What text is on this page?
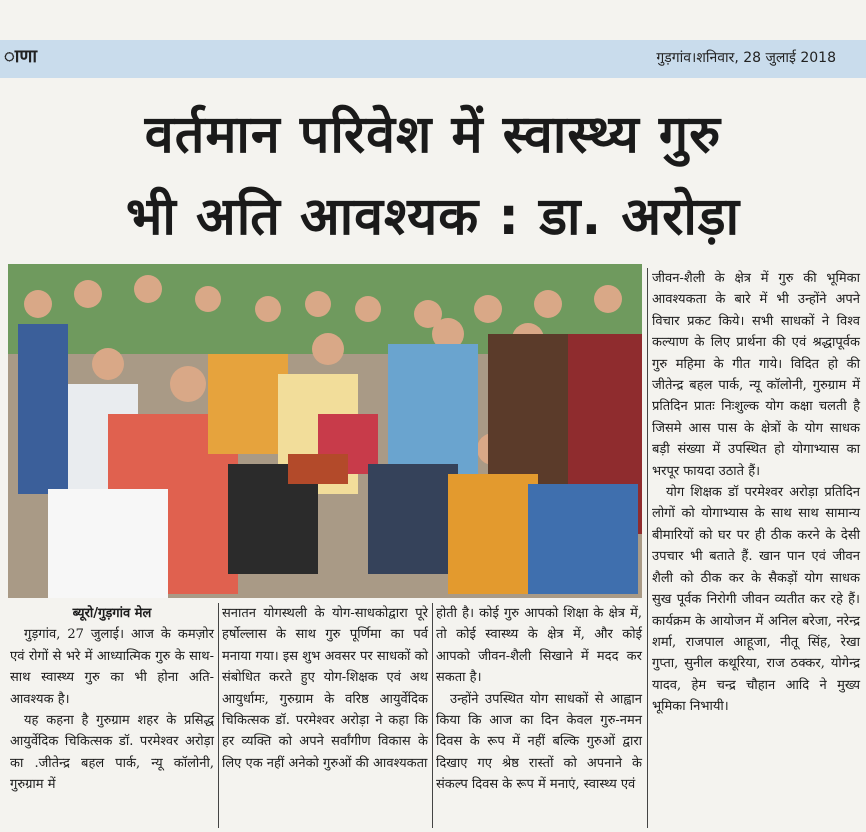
ाणा	गुड़गांव।शनिवार, 28 जुलाई 2018
वर्तमान परिवेश में स्वास्थ्य गुरु
भी अति आवश्यक : डा. अरोड़ा
ब्यूरो/गुड़गांव मेल

गुड़गांव, 27 जुलाई। आज के कमज़ोर एवं रोगों से भरे में आध्यात्मिक गुरु के साथ-साथ स्वास्थ्य गुरु का भी होना अति-आवश्यक है।

यह कहना है गुरुग्राम शहर के प्रसिद्ध आयुर्वेदिक चिकित्सक डॉ. परमेश्वर अरोड़ा का .जीतेन्द्र बहल पार्क, न्यू कॉलोनी, गुरुग्राम में

सनातन योगस्थली के योग-साधकोद्वारा पूरे हर्षोल्लास के साथ गुरु पूर्णिमा का पर्व मनाया गया। इस शुभ अवसर पर साधकों को संबोधित करते हुए योग-शिक्षक एवं अथ आयुर्धामः, गुरुग्राम के वरिष्ठ आयुर्वेदिक चिकित्सक डॉ. परमेश्वर अरोड़ा ने कहा कि हर व्यक्ति को अपने सर्वांगीण विकास के लिए एक नहीं अनेको गुरुओं की आवश्यकता

होती है। कोई गुरु आपको शिक्षा के क्षेत्र में, तो कोई स्वास्थ्य के क्षेत्र में, और कोई आपको जीवन-शैली सिखाने में मदद कर सकता है।

उन्होंने उपस्थित योग साधकों से आह्वान किया कि आज का दिन केवल गुरु-नमन दिवस के रूप में नहीं बल्कि गुरुओं द्वारा दिखाए गए श्रेष्ठ रास्तों को अपनाने के संकल्प दिवस के रूप में मनाएं, स्वास्थ्य एवं

जीवन-शैली के क्षेत्र में गुरु की भूमिका आवश्यकता के बारे में भी उन्होंने अपने विचार प्रकट किये। सभी साधकों ने विश्व कल्याण के लिए प्रार्थना की एवं श्रद्धापूर्वक गुरु महिमा के गीत गाये। विदित हो की जीतेन्द्र बहल पार्क, न्यू कॉलोनी, गुरुग्राम में प्रतिदिन प्रातः निःशुल्क योग कक्षा चलती है जिसमे आस पास के क्षेत्रों के योग साधक बड़ी संख्या में उपस्थित हो योगाभ्यास का भरपूर फायदा उठाते हैं।

योग शिक्षक डॉ परमेश्वर अरोड़ा प्रतिदिन लोगों को योगाभ्यास के साथ साथ सामान्य बीमारियों को घर पर ही ठीक करने के देसी उपचार भी बताते हैं. खान पान एवं जीवन शैली को ठीक कर के सैकड़ों योग साधक सुख पूर्वक निरोगी जीवन व्यतीत कर रहे हैं। कार्यक्रम के आयोजन में अनिल बरेजा, नरेन्द्र शर्मा, राजपाल आहूजा, नीतू सिंह, रेखा गुप्ता, सुनील कथूरिया, राज ठक्कर, योगेन्द्र यादव, हेम चन्द्र चौहान आदि ने मुख्य भूमिका निभायी।
